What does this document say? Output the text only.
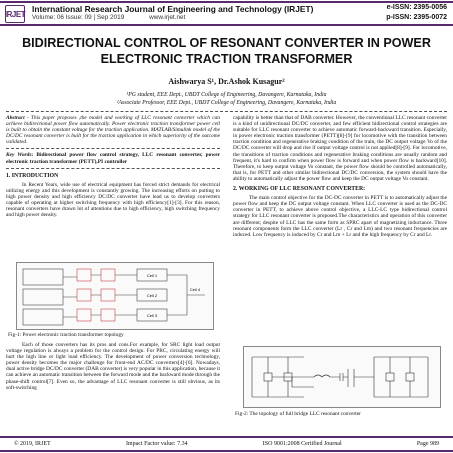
IRJET International Research Journal of Engineering and Technology (IRJET)
Volume: 06 Issue: 09 | Sep 2019	www.irjet.net
e-ISSN: 2395-0056
p-ISSN: 2395-0072
BIDIRECTIONAL CONTROL OF RESONANT CONVERTER IN POWER
ELECTRONIC TRACTION TRANSFORMER
Aishwarya S¹, Dr.Ashok Kusagur²
¹PG student, EEE Dept., UBDT College of Engineering, Davangere, Karnataka, India
²Associate Professor, EEE Dept., UBDT College of Engineering, Davangere, Karnataka, India

Abstract - This paper proposes ,the model and working of LLC resonant converter which can achieve bidirectional power flow automatically. Power electronic traction transformer power cell is built to obtain the constant voltage for the traction application. MATLAB/Simulink model of the DC/DC resonant converter is built for the traction application in which superiority of the outcome validated.

Key Words: Bidirectional power flow control strategy, LLC resonant converter, power electronic traction transformer (PETT),PI controller

1. INTRODUCTION

In Recent Years, wide use of electrical equipment has forced strict demands for electrical utilizing energy and this development is constantly growing. The increasing efforts on putting to high power density and high efficiency DC/DC converter have lead us to develop converters capable of operating at higher switching frequency with high efficiency[1]-[3]. For this reason, resonant converters have drawn lot of attentions due to high efficiency, high switching frequency and high power density.

Cell 1
Cell 2
Cell 3
Cell 4
Fig-1: Power electronic traction transformer topology

Each of those converters has its pros and cons.For example, for SRC light load output voltage regulation is always a problem for the control design. For PRC, circulating energy will hurt the high line or light load efficiency. The development of power conversion technology, power density becomes the major challenge for front-end AC/DC converters[4]-[6]. Nowadays, dual active bridge DC/DC converter (DAB converter) is very popular in this application, because it can achieve an automatic transition between the forward mode and the backward mode through the phase-shift control[7]. Even so, the advantage of LLC resonant converter is still obvious, as its soft-switching

capability is better than that of DAB converter. However, the conventional LLC resonant converter is a kind of unidirectional DC/DC converter, and few efficient bidirectional control strategies are suitable for LLC resonant converter to achieve automatic forward-backward transition. Especially, in power electronic traction transformer (PETT)[8]-[9] for locomotive with the transition between traction condition and regenerative braking condition of the train, the DC output voltage Vo of the DC/DC converter will drop and rise if output voltage control is not applied[8]-[9]. For locomotive, the transitions of traction conditions and regenerative braking conditions are usually random and frequent, it's hard to confirm when power flow is forward and when power flow is backward[10]. Therefore, to keep output voltage Vo constant, the power flow should be controlled automatically, that is, for PETT and other similar bidirectional DC/DC conversion, the system should have the ability to automatically adjust the power flow and keep the DC output voltage Vo constant.

2. WORKING OF LLC RESONANT CONVERTER:

The main control objective for the DC-DC converter in PETT is to automatically adjust the power flow and keep the DC output voltage constant. When LLC converter is used as the DC-DC converter in PETT, to achieve above control objective, a LLC-LC type bidirectional control strategy for LLC resonant converter is proposed.The characteristics and operation of this converter are different; despite of LLC has the same form as SPRC apart of magnetizing inductance. Three resonant components form the LLC converter (Lr , Cr and Lm) and two resonant frequencies are induced. Low frequency is induced by Cr and Lm + Lr and the high frequency by Cr and Lr.

Fig-2: The topology of full bridge LLC resonant converter
© 2019, IRJET	Impact Factor value: 7.34	ISO 9001:2008 Certified Journal	Page 989
